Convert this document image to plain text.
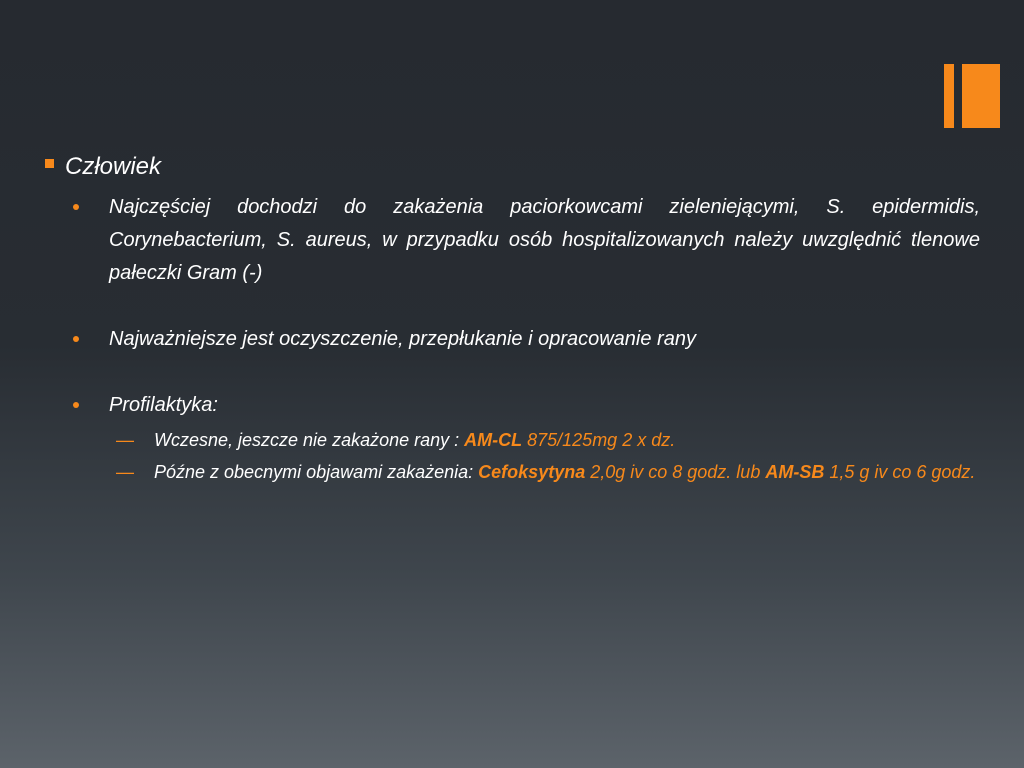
Człowiek
Najczęściej dochodzi do zakażenia paciorkowcami zieleniejącymi, S. epidermidis, Corynebacterium, S. aureus, w przypadku osób hospitalizowanych należy uwzględnić tlenowe pałeczki Gram (-)
Najważniejsze jest oczyszczenie, przepłukanie i opracowanie rany
Profilaktyka:
— Wczesne, jeszcze nie zakażone rany : AM-CL 875/125mg 2 x dz.
— Późne z obecnymi objawami zakażenia: Cefoksytyna 2,0g iv co 8 godz. lub AM-SB 1,5 g iv co 6 godz.
